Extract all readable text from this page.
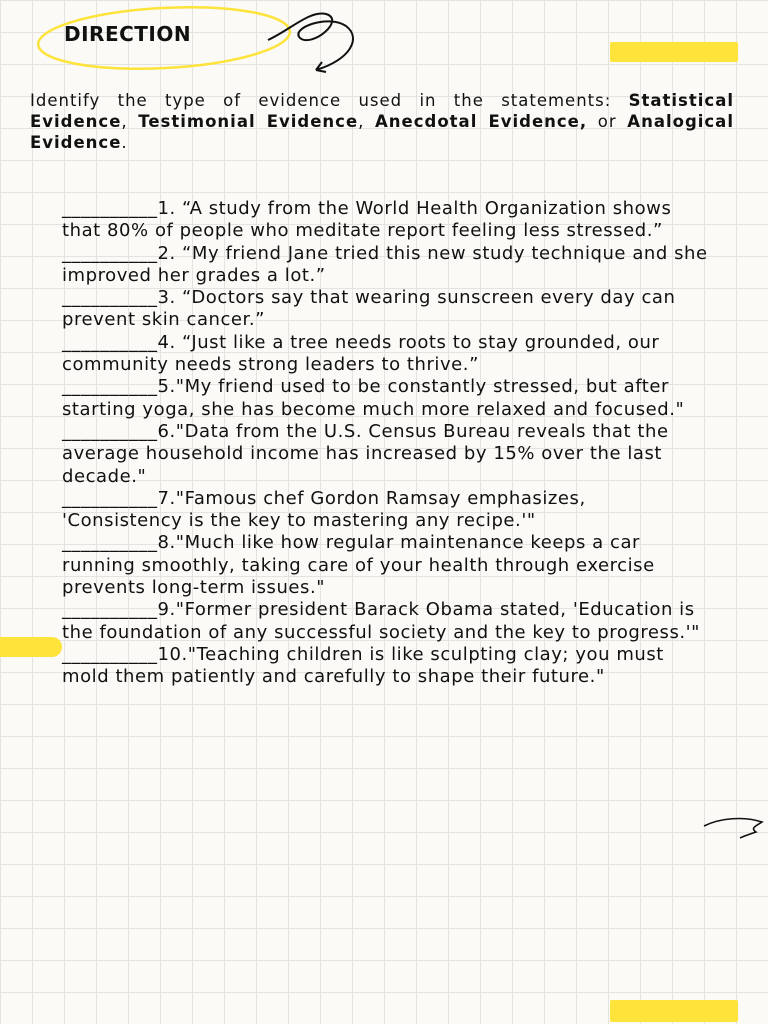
DIRECTION

Identify the type of evidence used in the statements: Statistical Evidence, Testimonial Evidence, Anecdotal Evidence, or Analogical Evidence.

__________1. “A study from the World Health Organization shows that 80% of people who meditate report feeling less stressed.”
__________2. “My friend Jane tried this new study technique and she improved her grades a lot.”
__________3. “Doctors say that wearing sunscreen every day can prevent skin cancer.”
__________4. “Just like a tree needs roots to stay grounded, our community needs strong leaders to thrive.”
__________5."My friend used to be constantly stressed, but after starting yoga, she has become much more relaxed and focused."
__________6."Data from the U.S. Census Bureau reveals that the average household income has increased by 15% over the last decade."
__________7."Famous chef Gordon Ramsay emphasizes, 'Consistency is the key to mastering any recipe.'"
__________8."Much like how regular maintenance keeps a car running smoothly, taking care of your health through exercise prevents long-term issues."
__________9."Former president Barack Obama stated, 'Education is the foundation of any successful society and the key to progress.'"
__________10."Teaching children is like sculpting clay; you must mold them patiently and carefully to shape their future."
